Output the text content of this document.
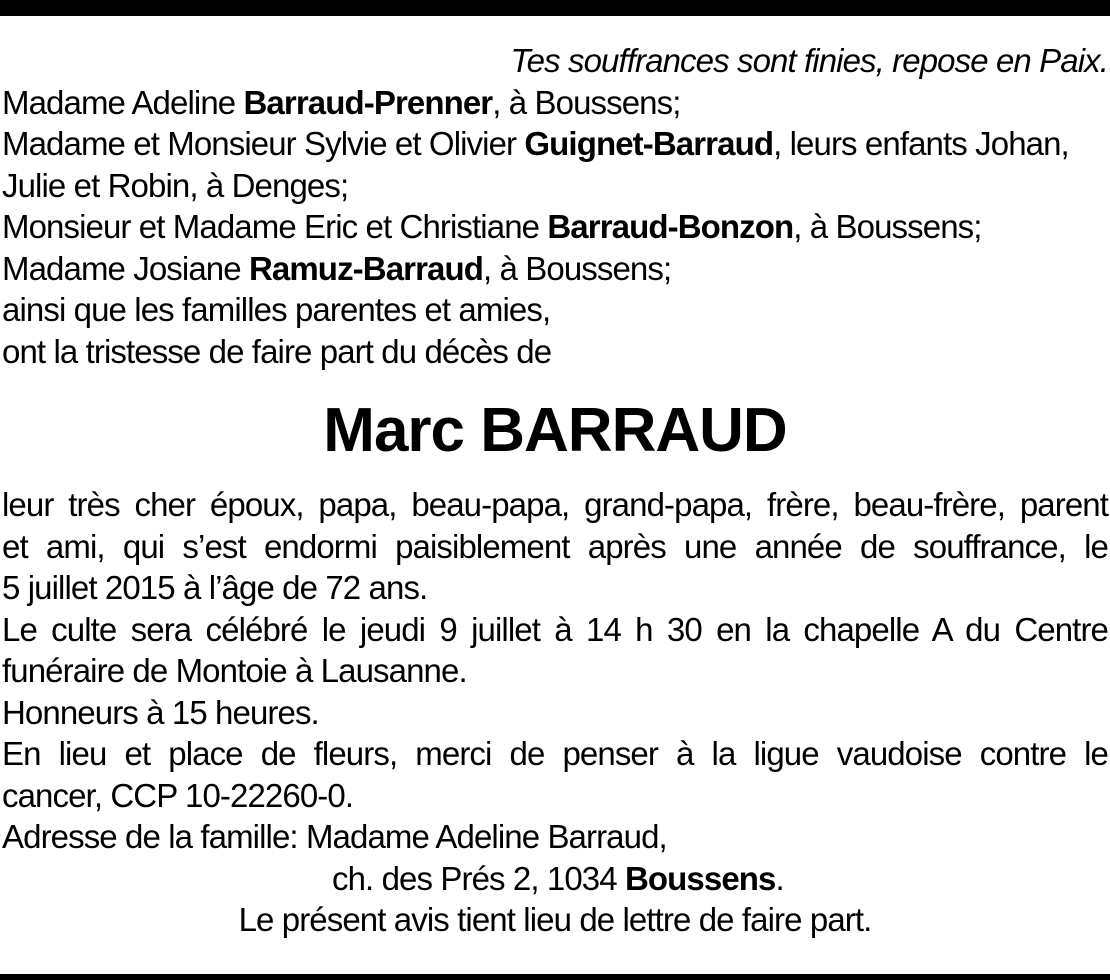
Tes souffrances sont finies, repose en Paix.
Madame Adeline Barraud-Prenner, à Boussens;
Madame et Monsieur Sylvie et Olivier Guignet-Barraud, leurs enfants Johan,
Julie et Robin, à Denges;
Monsieur et Madame Eric et Christiane Barraud-Bonzon, à Boussens;
Madame Josiane Ramuz-Barraud, à Boussens;
ainsi que les familles parentes et amies,
ont la tristesse de faire part du décès de
Marc BARRAUD

leur très cher époux, papa, beau-papa, grand-papa, frère, beau-frère, parent

et ami, qui s’est endormi paisiblement après une année de souffrance, le

5 juillet 2015 à l’âge de 72 ans.

Le culte sera célébré le jeudi 9 juillet à 14 h 30 en la chapelle A du Centre

funéraire de Montoie à Lausanne.

Honneurs à 15 heures.

En lieu et place de fleurs, merci de penser à la ligue vaudoise contre le

cancer, CCP 10-22260-0.

Adresse de la famille: Madame Adeline Barraud,

ch. des Prés 2, 1034 Boussens.

Le présent avis tient lieu de lettre de faire part.
